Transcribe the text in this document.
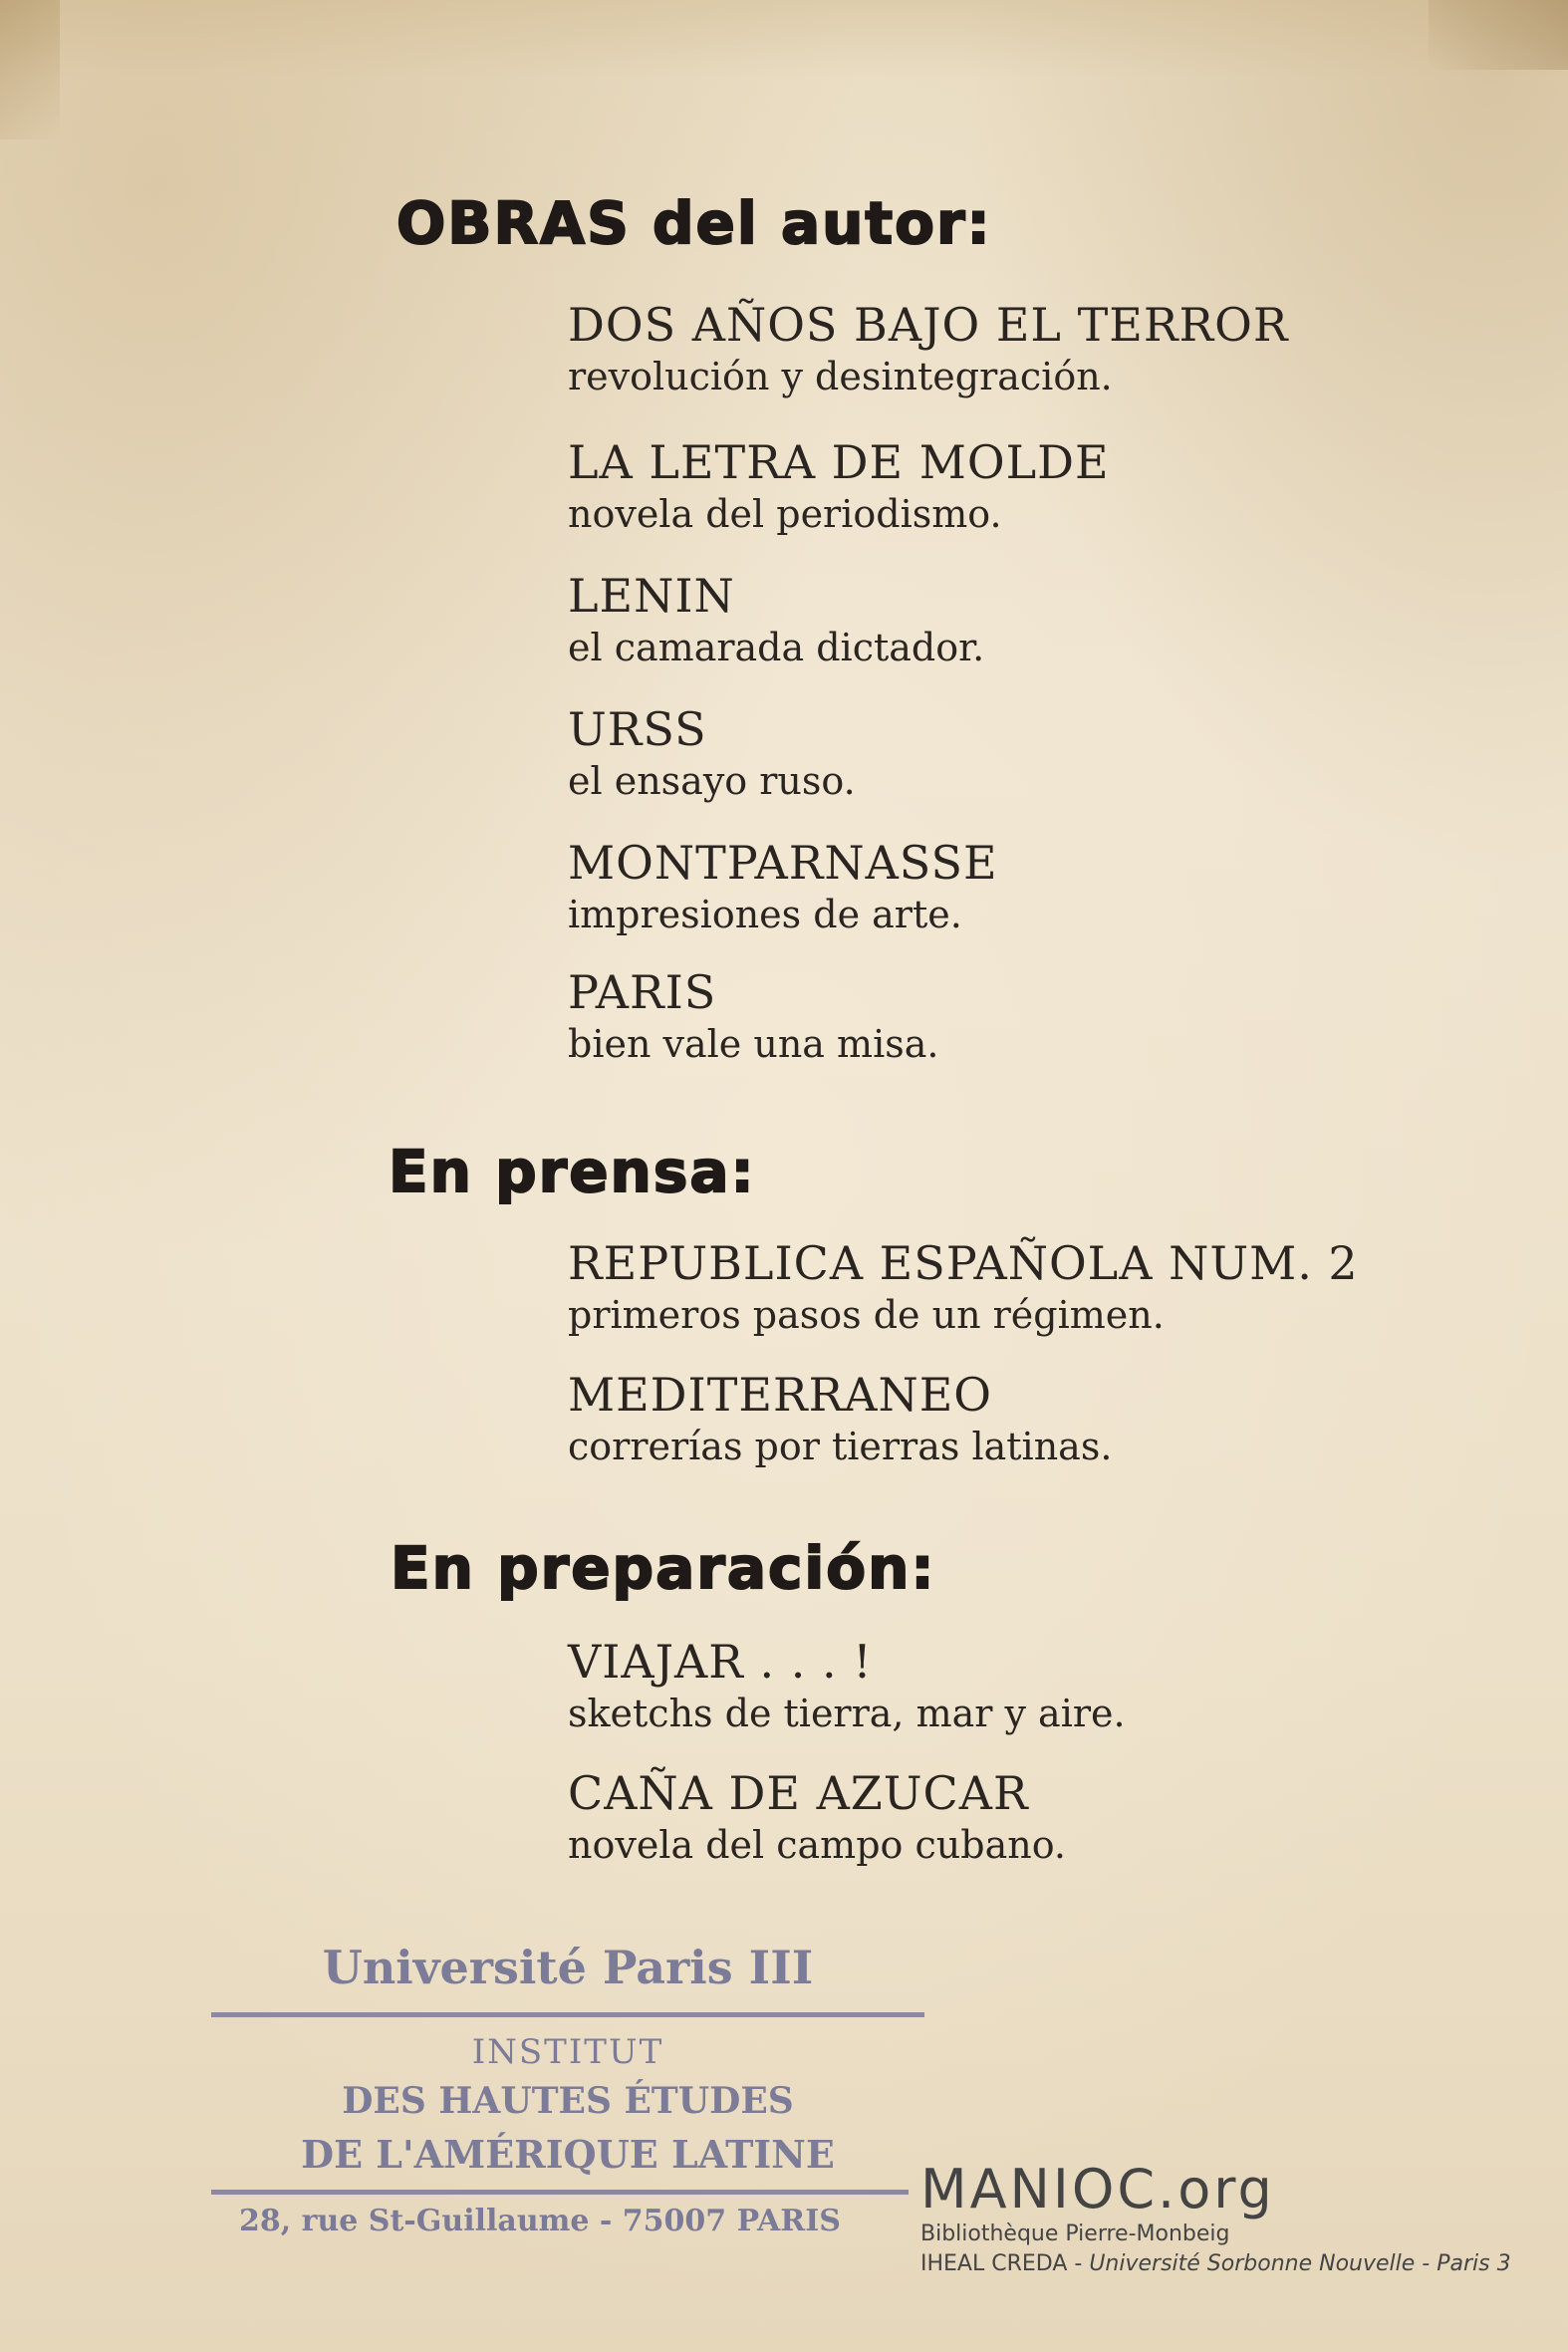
OBRAS del autor:
DOS AÑOS BAJO EL TERROR
revolución y desintegración.
LA LETRA DE MOLDE
novela del periodismo.
LENIN
el camarada dictador.
URSS
el ensayo ruso.
MONTPARNASSE
impresiones de arte.
PARIS
bien vale una misa.
En prensa:
REPUBLICA ESPAÑOLA NUM. 2
primeros pasos de un régimen.
MEDITERRANEO
correrías por tierras latinas.
En preparación:
VIAJAR . . . !
sketchs de tierra, mar y aire.
CAÑA DE AZUCAR
novela del campo cubano.
Université Paris III
INSTITUT
DES HAUTES ÉTUDES
DE L'AMÉRIQUE LATINE
28, rue St-Guillaume - 75007 PARIS
MANIOC.org
Bibliothèque Pierre-Monbeig
IHEAL CREDA - Université Sorbonne Nouvelle - Paris 3
